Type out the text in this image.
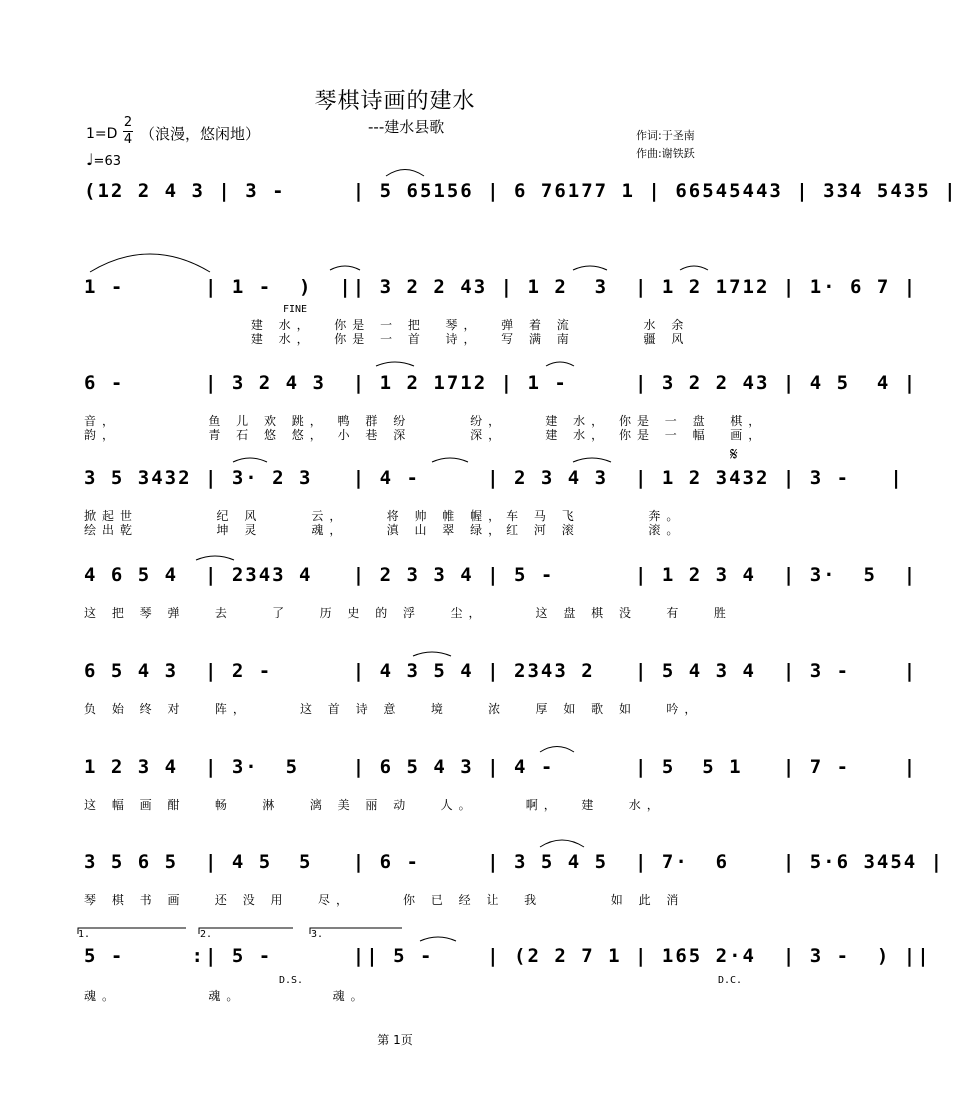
琴棋诗画的建水
---建水县歌
1=D
2
4 （浪漫，悠闲地）
♩=63
作词:于圣南
作曲:谢铁跃
(12 2 4 3 | 3 -     | 5 65156 | 6 76177 1 | 66545443 | 334 5435 |
1 -      | 1 -  )  || 3 2 2 43 | 1 2  3  | 1 2 1712 | 1· 6 7 |
FINE
建 水，  你是 一 把  琴，  弹 着 流       水 余
建 水，  你是 一 首  诗，  写 满 南       疆 风
6 -      | 3 2 4 3  | 1 2 1712 | 1 -     | 3 2 2 43 | 4 5  4 |
音，         鱼 儿 欢 跳， 鸭 群 纷      纷，    建 水， 你是 一 盘  棋，
韵，         青 石 悠 悠， 小 巷 深      深，    建 水， 你是 一 幅  画，
3 5 3432 | 3· 2 3   | 4 -     | 2 3 4 3  | 1 2 3432 | 3 -   |
掀起世        纪 风     云，    将 帅 帷 幄，车 马 飞       奔。
绘出乾        坤 灵     魂，    滇 山 翠 绿，红 河 滚       滚。
𝄋
4 6 5 4  | 2343 4   | 2 3 3 4 | 5 -      | 1 2 3 4  | 3·  5  |
这 把 琴 弹   去    了   历 史 的 浮   尘，     这 盘 棋 没   有   胜
6 5 4 3  | 2 -      | 4 3 5 4 | 2343 2   | 5 4 3 4  | 3 -    |
负 始 终 对   阵，     这 首 诗 意   境    浓   厚 如 歌 如   吟，
1 2 3 4  | 3·  5    | 6 5 4 3 | 4 -      | 5  5 1   | 7 -    |
这 幅 画 酣   畅   淋   漓 美 丽 动   人。     啊，  建   水，
3 5 6 5  | 4 5  5   | 6 -     | 3 5 4 5  | 7·  6    | 5·6 3454 |
琴 棋 书 画   还 没 用   尽，     你 已 经 让  我       如 此 消
1.	2.	3.
5 -     :| 5 -      || 5 -    | (2 2 7 1 | 165 2·4  | 3 -  ) ||
魂。         魂。         魂。
D.S.	D.C.
第 1页
